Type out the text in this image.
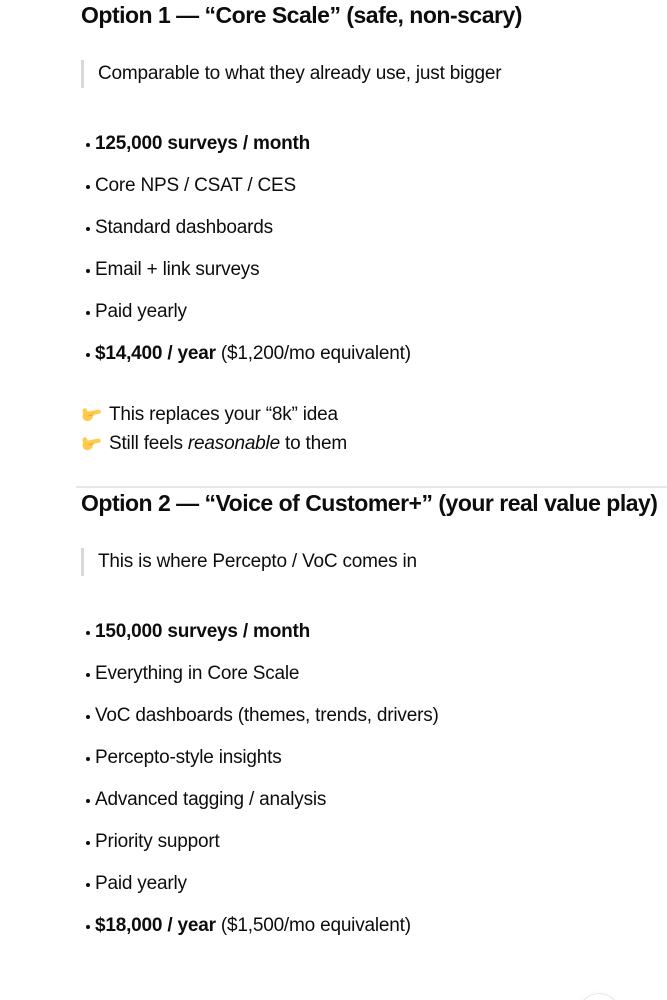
Option 1 — “Core Scale” (safe, non-scary)
Comparable to what they already use, just bigger
125,000 surveys / month
Core NPS / CSAT / CES
Standard dashboards
Email + link surveys
Paid yearly
$14,400 / year ($1,200/mo equivalent)

This replaces your “8k” idea
Still feels reasonable to them

Option 2 — “Voice of Customer+” (your real value play)
This is where Percepto / VoC comes in
150,000 surveys / month
Everything in Core Scale
VoC dashboards (themes, trends, drivers)
Percepto-style insights
Advanced tagging / analysis
Priority support
Paid yearly
$18,000 / year ($1,500/mo equivalent)
